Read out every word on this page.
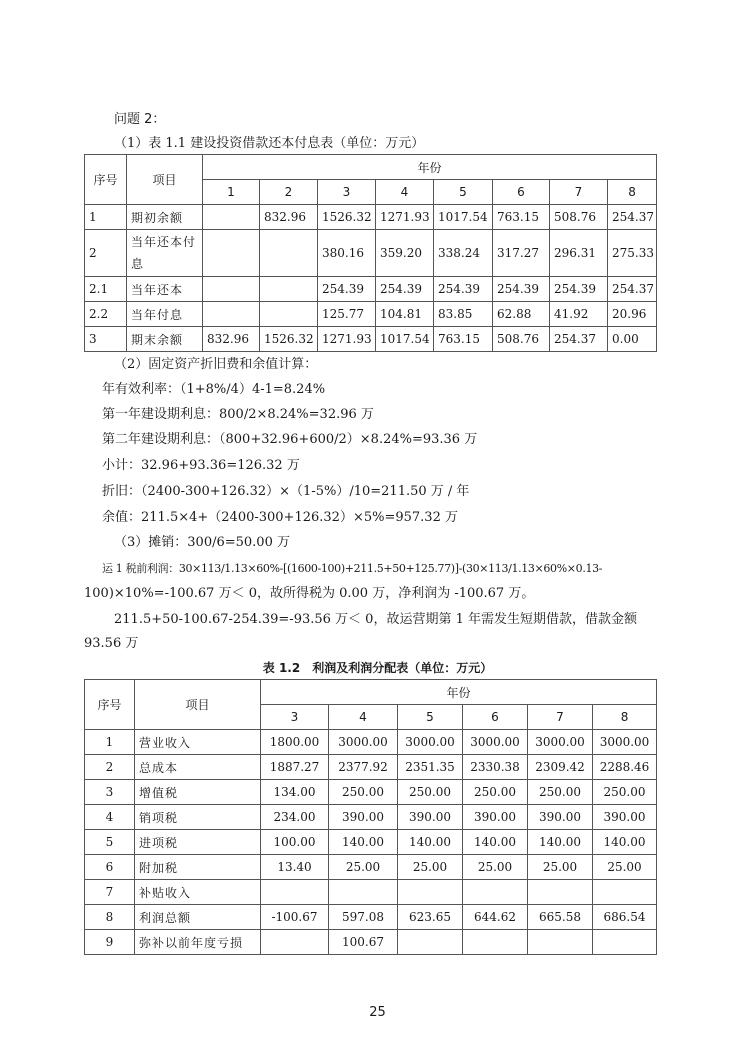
问题 2：
（1）表 1.1 建设投资借款还本付息表（单位：万元）
序号	项目	年份							
		1	2	3	4	5	6	7	8
1	期初余额		832.96	1526.32	1271.93	1017.54	763.15	508.76	254.37
2	当年还本付息			380.16	359.20	338.24	317.27	296.31	275.33
2.1	当年还本			254.39	254.39	254.39	254.39	254.39	254.37
2.2	当年付息			125.77	104.81	83.85	62.88	41.92	20.96
3	期末余额	832.96	1526.32	1271.93	1017.54	763.15	508.76	254.37	0.00
（2）固定资产折旧费和余值计算：
年有效利率：（1+8%/4）4-1=8.24%
第一年建设期利息：800/2×8.24%=32.96 万
第二年建设期利息：（800+32.96+600/2）×8.24%=93.36 万
小计：32.96+93.36=126.32 万
折旧：（2400-300+126.32）×（1-5%）/10=211.50 万 / 年
余值：211.5×4+（2400-300+126.32）×5%=957.32 万
（3）摊销：300/6=50.00 万
运 1 税前利润：30×113/1.13×60%-[(1600-100)+211.5+50+125.77)]-(30×113/1.13×60%×0.13-
100)×10%=-100.67 万＜ 0，故所得税为 0.00 万，净利润为 -100.67 万。
211.5+50-100.67-254.39=-93.56 万＜ 0，故运营期第 1 年需发生短期借款，借款金额
93.56 万
表 1.2　利润及利润分配表（单位：万元）
序号	项目	年份					
		3	4	5	6	7	8
1	营业收入	1800.00	3000.00	3000.00	3000.00	3000.00	3000.00
2	总成本	1887.27	2377.92	2351.35	2330.38	2309.42	2288.46
3	增值税	134.00	250.00	250.00	250.00	250.00	250.00
4	销项税	234.00	390.00	390.00	390.00	390.00	390.00
5	进项税	100.00	140.00	140.00	140.00	140.00	140.00
6	附加税	13.40	25.00	25.00	25.00	25.00	25.00
7	补贴收入						
8	利润总额	-100.67	597.08	623.65	644.62	665.58	686.54
9	弥补以前年度亏损		100.67				
25
